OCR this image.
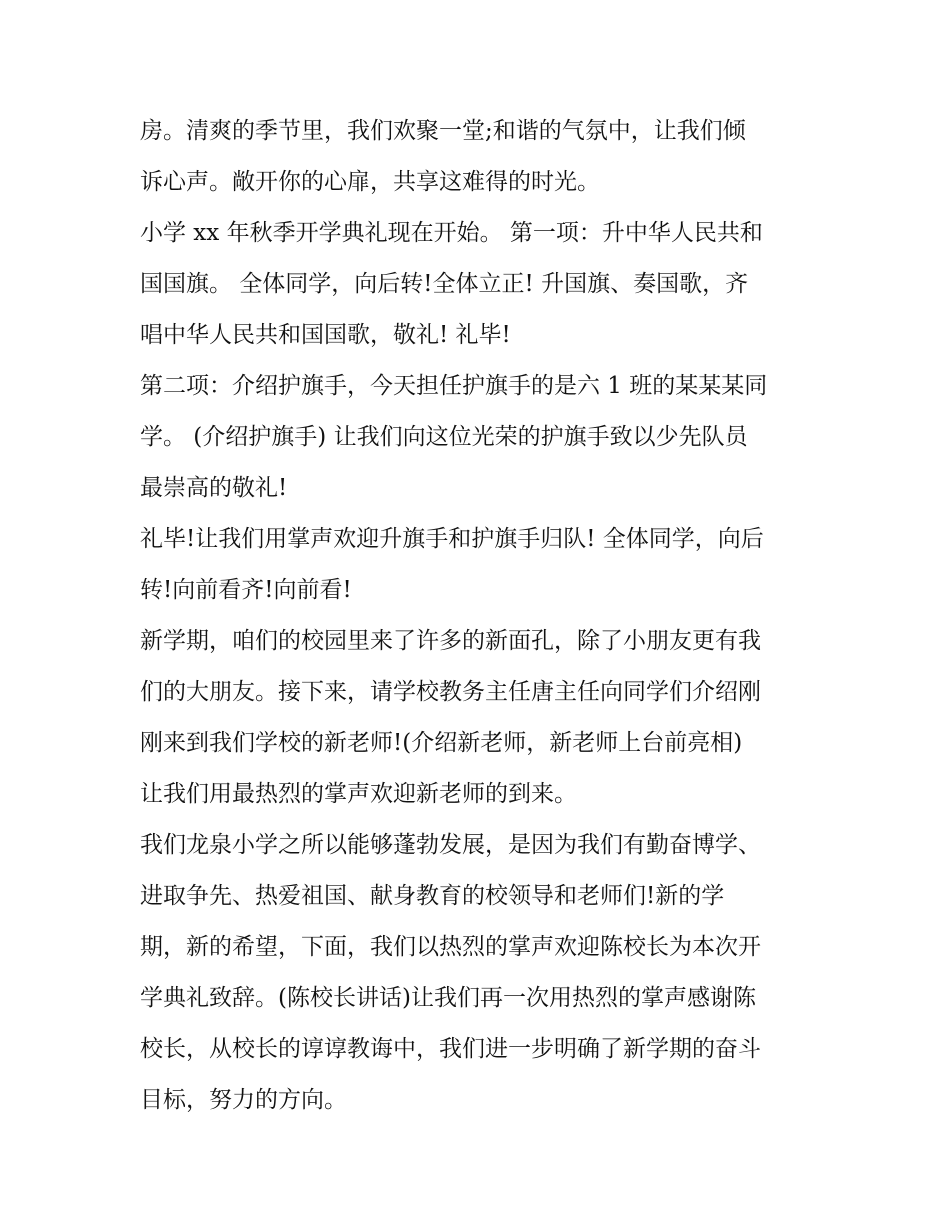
房。清爽的季节里，我们欢聚一堂;和谐的气氛中，让我们倾
诉心声。敞开你的心扉，共享这难得的时光。
小学 xx 年秋季开学典礼现在开始。 第一项：升中华人民共和
国国旗。 全体同学，向后转!全体立正! 升国旗、奏国歌，齐
唱中华人民共和国国歌，敬礼! 礼毕!
第二项：介绍护旗手，今天担任护旗手的是六 1 班的某某某同
学。 (介绍护旗手) 让我们向这位光荣的护旗手致以少先队员
最崇高的敬礼!
礼毕!让我们用掌声欢迎升旗手和护旗手归队! 全体同学，向后
转!向前看齐!向前看!
新学期，咱们的校园里来了许多的新面孔，除了小朋友更有我
们的大朋友。接下来，请学校教务主任唐主任向同学们介绍刚
刚来到我们学校的新老师!(介绍新老师，新老师上台前亮相)
让我们用最热烈的掌声欢迎新老师的到来。
我们龙泉小学之所以能够蓬勃发展，是因为我们有勤奋博学、
进取争先、热爱祖国、献身教育的校领导和老师们!新的学
期，新的希望，下面，我们以热烈的掌声欢迎陈校长为本次开
学典礼致辞。(陈校长讲话)让我们再一次用热烈的掌声感谢陈
校长，从校长的谆谆教诲中，我们进一步明确了新学期的奋斗
目标，努力的方向。
